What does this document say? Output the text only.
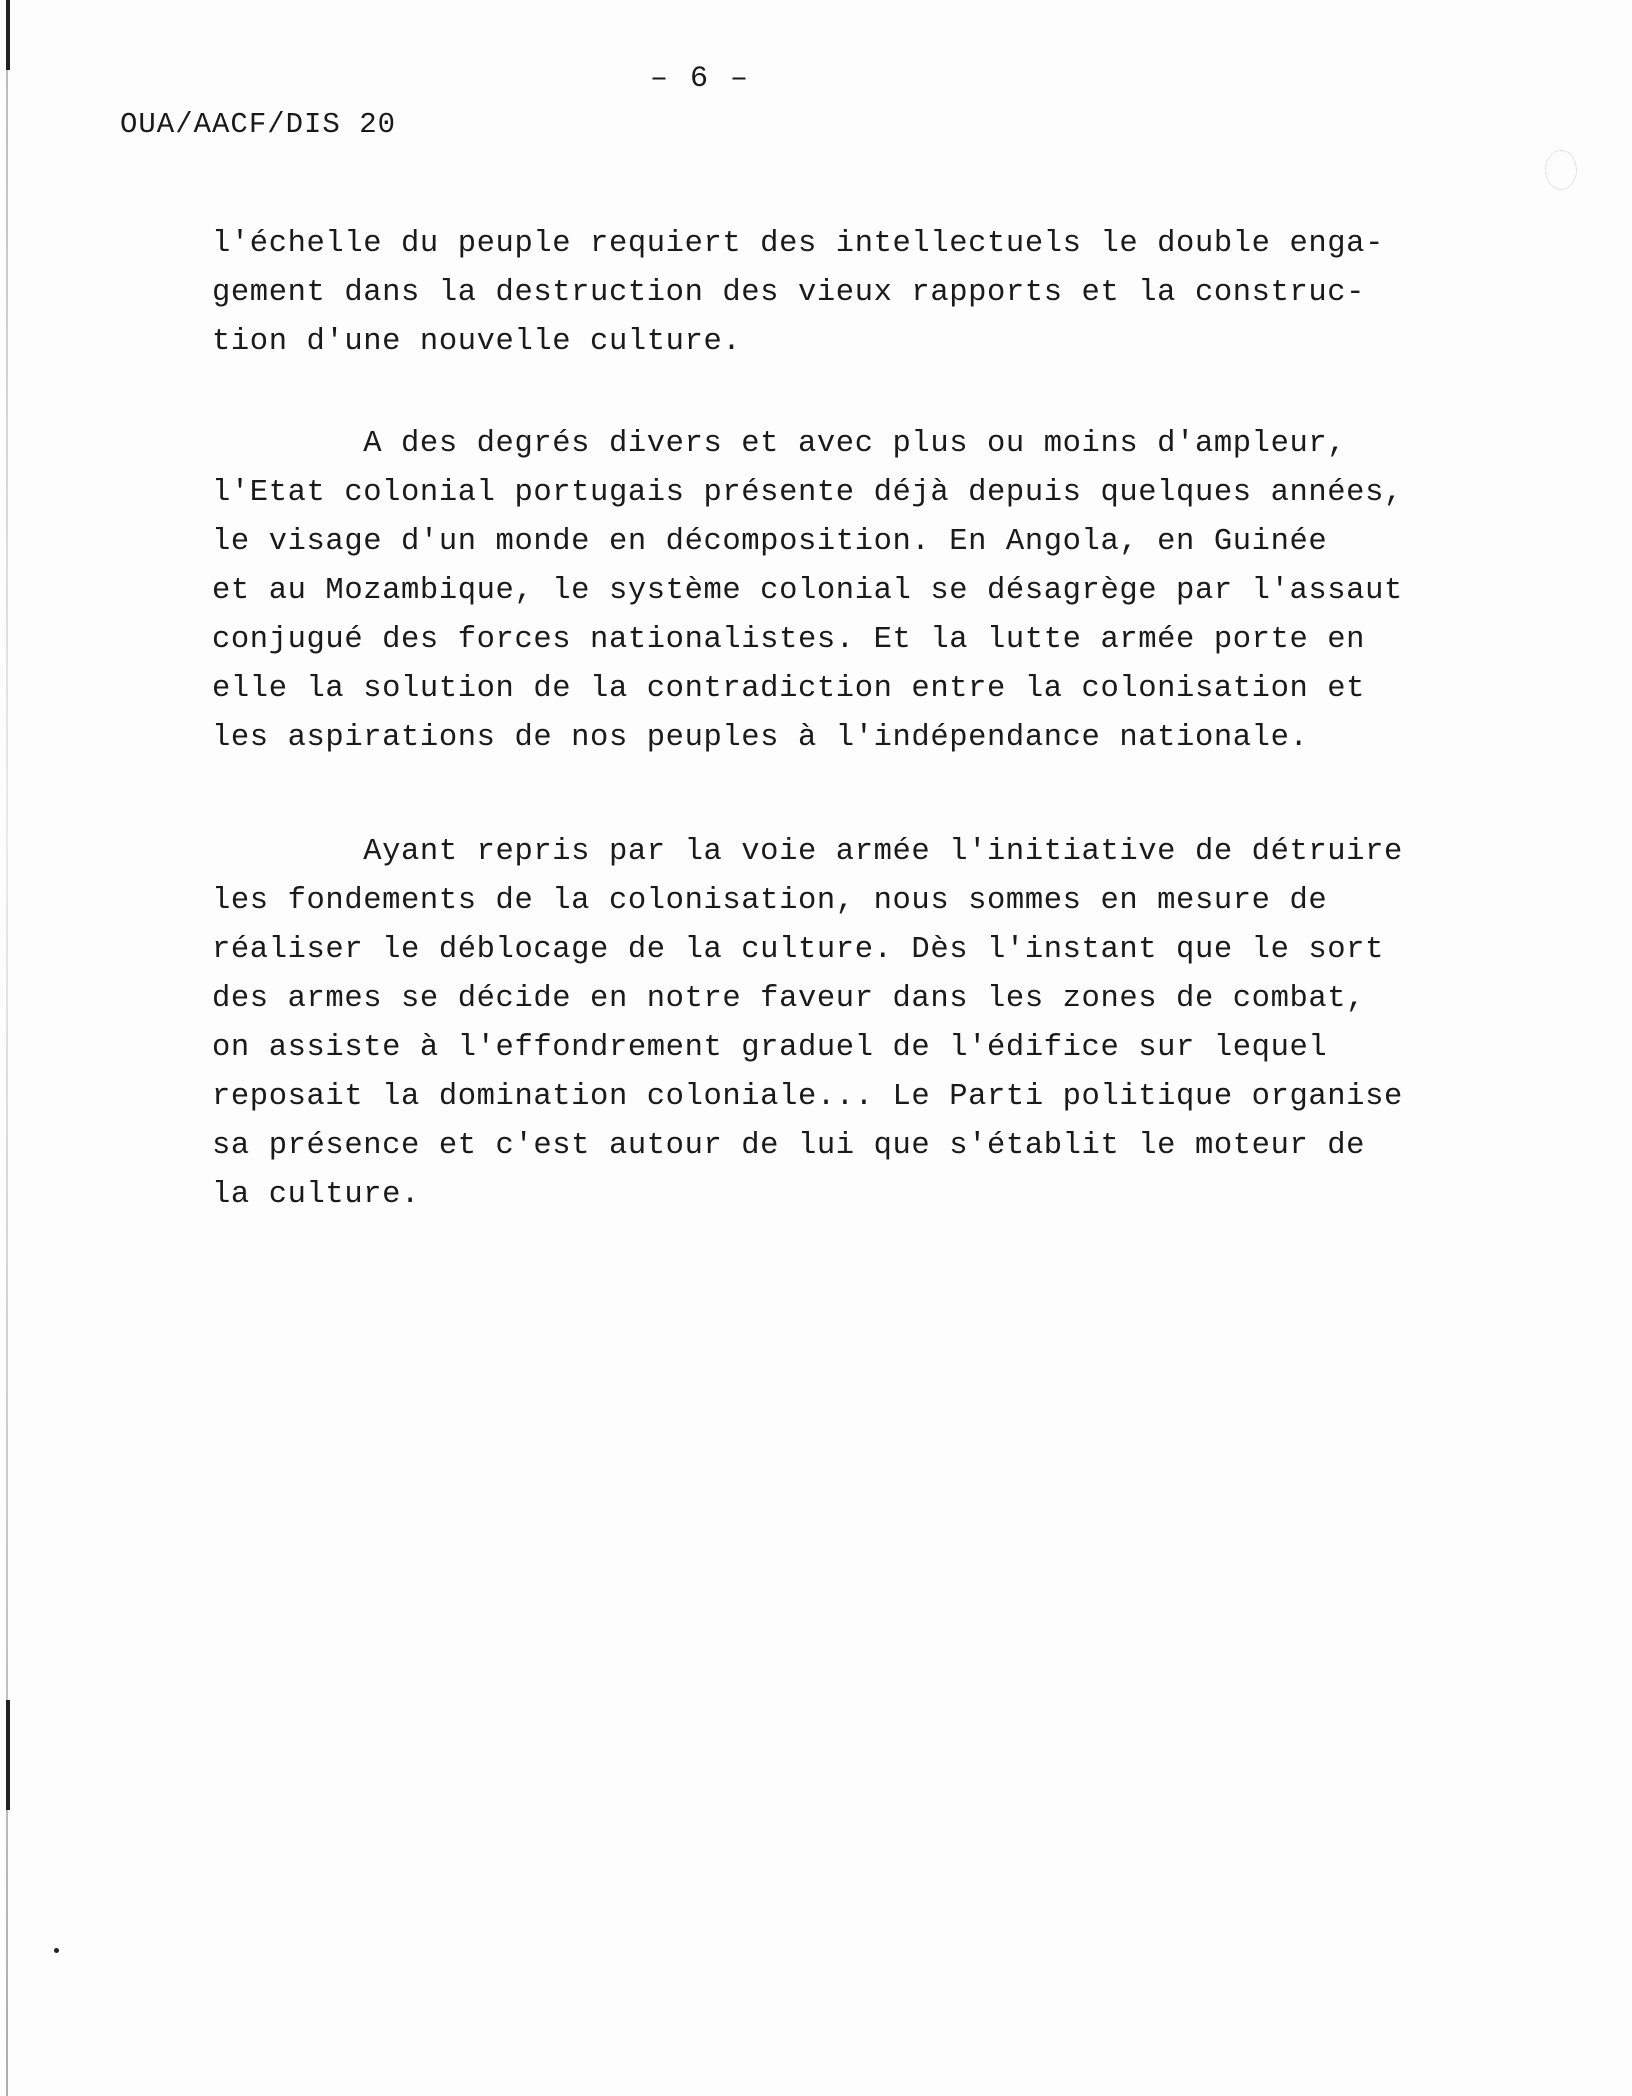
– 6 –
OUA/AACF/DIS 20
l'échelle du peuple requiert des intellectuels le double enga-
gement dans la destruction des vieux rapports et la construc-
tion d'une nouvelle culture.
A des degrés divers et avec plus ou moins d'ampleur,
l'Etat colonial portugais présente déjà depuis quelques années,
le visage d'un monde en décomposition. En Angola, en Guinée
et au Mozambique, le système colonial se désagrège par l'assaut
conjugué des forces nationalistes. Et la lutte armée porte en
elle la solution de la contradiction entre la colonisation et
les aspirations de nos peuples à l'indépendance nationale.
Ayant repris par la voie armée l'initiative de détruire
les fondements de la colonisation, nous sommes en mesure de
réaliser le déblocage de la culture. Dès l'instant que le sort
des armes se décide en notre faveur dans les zones de combat,
on assiste à l'effondrement graduel de l'édifice sur lequel
reposait la domination coloniale... Le Parti politique organise
sa présence et c'est autour de lui que s'établit le moteur de
la culture.
